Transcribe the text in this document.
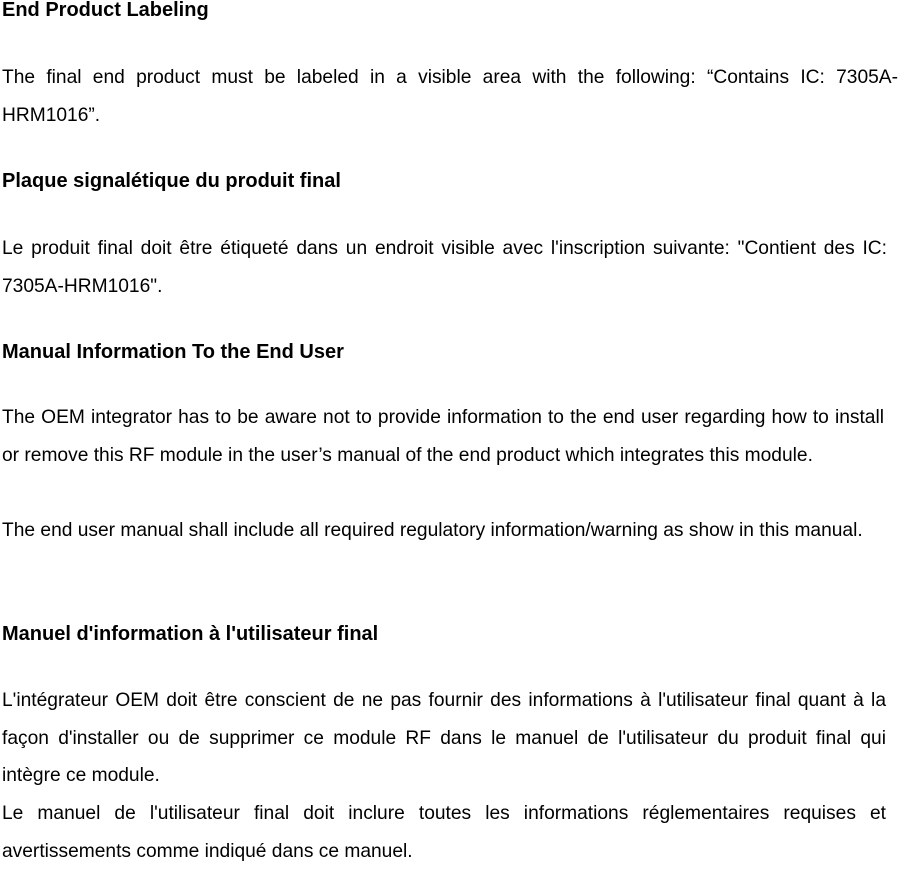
End Product Labeling

The final end product must be labeled in a visible area with the following: “Contains IC: 7305A-HRM1016”.

Plaque signalétique du produit final

Le produit final doit être étiqueté dans un endroit visible avec l'inscription suivante: "Contient des IC: 7305A-HRM1016".

Manual Information To the End User

The OEM integrator has to be aware not to provide information to the end user regarding how to install or remove this RF module in the user’s manual of the end product which integrates this module.

The end user manual shall include all required regulatory information/warning as show in this manual.

Manuel d'information à l'utilisateur final

L'intégrateur OEM doit être conscient de ne pas fournir des informations à l'utilisateur final quant à la façon d'installer ou de supprimer ce module RF dans le manuel de l'utilisateur du produit final qui intègre ce module.

Le manuel de l'utilisateur final doit inclure toutes les informations réglementaires requises et avertissements comme indiqué dans ce manuel.
